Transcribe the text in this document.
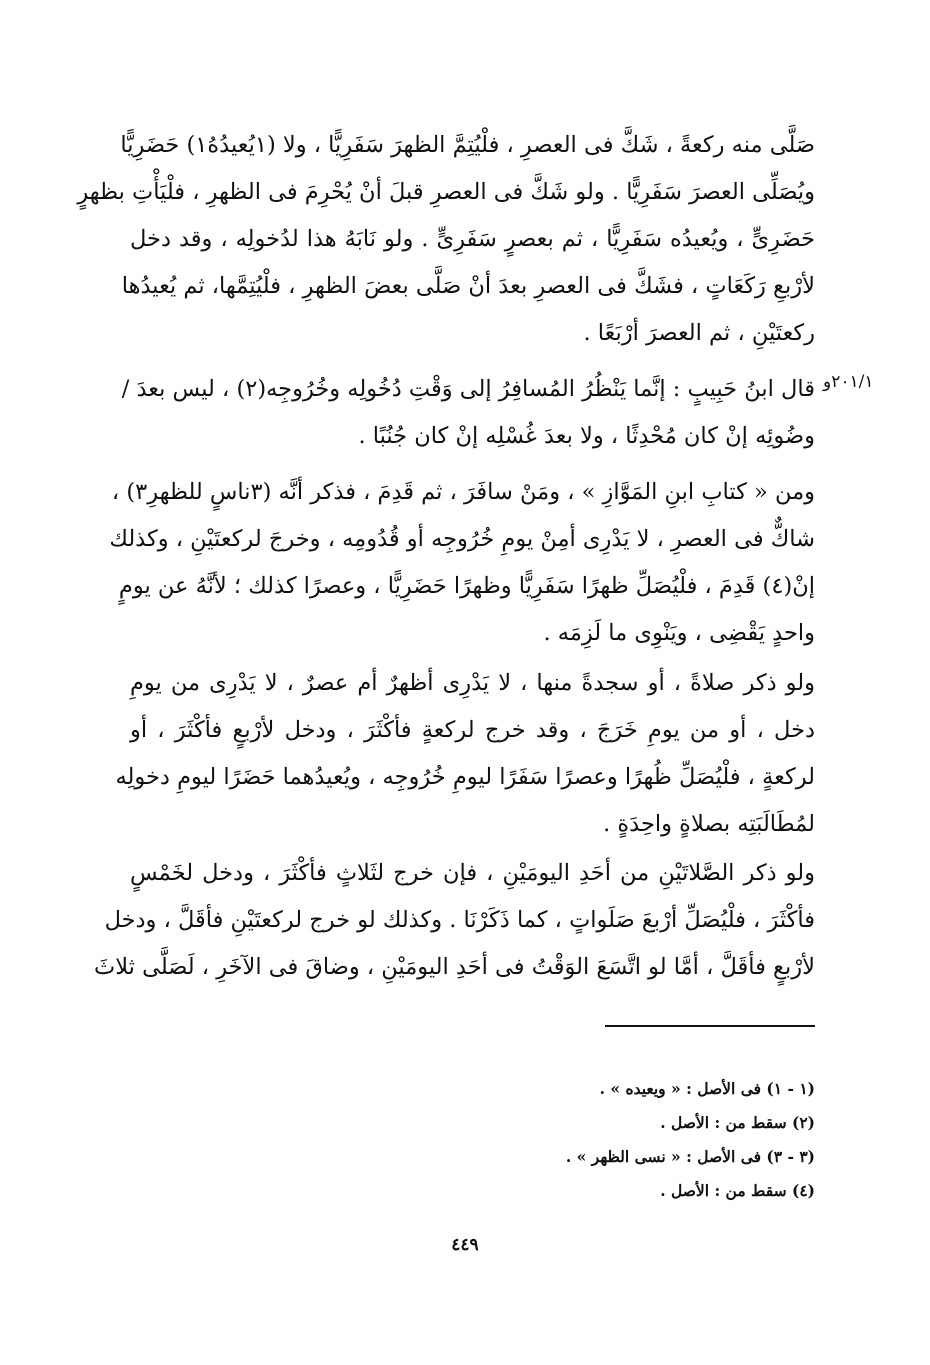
صَلَّى منه ركعةً ، شَكَّ فى العصرِ ، فلْيُتِمَّ الظهرَ سَفَرِيًّا ، ولا (١يُعيدُهُ١) حَضَرِيًّا
ويُصَلِّى العصرَ سَفَرِيًّا . ولو شَكَّ فى العصرِ قبلَ أنْ يُحْرِمَ فى الظهرِ ، فلْيَأْتِ بظهرٍ
حَضَرِىٍّ ، ويُعيدُه سَفَرِيًّا ، ثم بعصرٍ سَفَرِىٍّ . ولو نَابَهُ هذا لدُخولِه ، وقد دخل
لأرْبعِ رَكَعَاتٍ ، فشَكَّ فى العصرِ بعدَ أنْ صَلَّى بعضَ الظهرِ ، فلْيُتِمَّها، ثم يُعيدُها
ركعتَيْنِ ، ثم العصرَ أرْبَعًا .
٢٠١/١و
قال ابنُ حَبِيبٍ : إنَّما يَنْظُرُ المُسافِرُ إلى وَقْتِ دُخُولِه وخُرُوجِه(٢) ، ليس بعدَ /
وضُوئِه إنْ كان مُحْدِثًا ، ولا بعدَ غُسْلِه إنْ كان جُنُبًا .
ومن « كتابِ ابنِ المَوَّازِ » ، ومَنْ سافَرَ ، ثم قَدِمَ ، فذكر أنَّه (٣ناسٍ للظهرِ٣) ،
شاكٌّ فى العصرِ ، لا يَدْرِى أمِنْ يومِ خُرُوجِه أو قُدُومِه ، وخرجَ لركعتَيْنِ ، وكذلك
إنْ(٤) قَدِمَ ، فلْيُصَلِّ ظهرًا سَفَرِيًّا وظهرًا حَضَرِيًّا ، وعصرًا كذلك ؛ لأنَّهُ عن يومٍ
واحدٍ يَقْضِى ، ويَنْوِى ما لَزِمَه .
ولو ذكر صلاةً ، أو سجدةً منها ، لا يَدْرِى أظهرٌ أم عصرٌ ، لا يَدْرِى من يومِ
دخل ، أو من يومِ خَرَجَ ، وقد خرج لركعةٍ فأكْثَرَ ، ودخل لأرْبعٍ فأكْثَرَ ، أو
لركعةٍ ، فلْيُصَلِّ ظُهرًا وعصرًا سَفَرًا ليومِ خُرُوجِه ، ويُعيدُهما حَضَرًا ليومِ دخولِه
لمُطَالَبَتِه بصلاةٍ واحِدَةٍ .
ولو ذكر الصَّلاتَيْنِ من أحَدِ اليومَيْنِ ، فإن خرج لثَلاثٍ فأكْثَرَ ، ودخل لخَمْسٍ
فأكْثَرَ ، فلْيُصَلِّ أرْبعَ صَلَواتٍ ، كما ذَكَرْنَا . وكذلك لو خرج لركعتَيْنِ فأقَلَّ ، ودخل
لأرْبعٍ فأقَلَّ ، أمَّا لو اتَّسَعَ الوَقْتُ فى أحَدِ اليومَيْنِ ، وضاقَ فى الآخَرِ ، لَصَلَّى ثلاثَ
(١ - ١) فى الأصل : « ويعيده » .
(٢) سقط من : الأصل .
(٣ - ٣) فى الأصل : « نسى الظهر » .
(٤) سقط من : الأصل .
٤٤٩
